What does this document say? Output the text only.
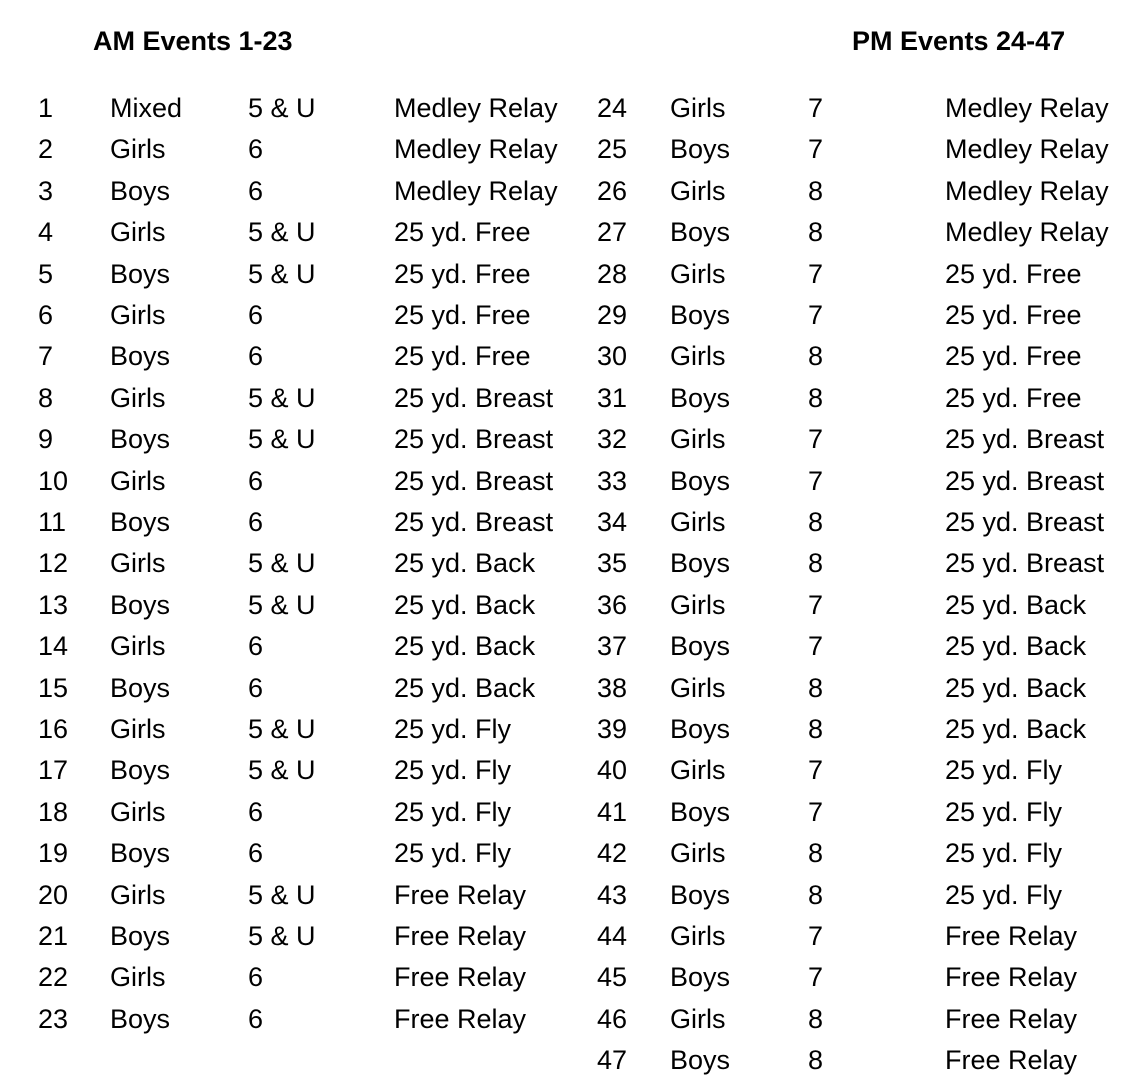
AM Events 1-23	PM Events 24-47
1 Mixed 5 & U	Medley Relay
2 Girls	6	Medley Relay
3 Boys	6	Medley Relay
4 Girls	5 & U	25 yd. Free
5 Boys	5 & U	25 yd. Free
6 Girls	6	25 yd. Free
7 Boys	6	25 yd. Free
8 Girls	5 & U	25 yd. Breast
9 Boys	5 & U	25 yd. Breast
10 Girls	6	25 yd. Breast
11 Boys	6	25 yd. Breast
12 Girls	5 & U	25 yd. Back
13 Boys	5 & U	25 yd. Back
14 Girls	6	25 yd. Back
15 Boys	6	25 yd. Back
16 Girls	5 & U	25 yd. Fly
17 Boys	5 & U	25 yd. Fly
18 Girls	6	25 yd. Fly
19 Boys	6	25 yd. Fly
20 Girls	5 & U	Free Relay
21 Boys	5 & U	Free Relay
22 Girls	6	Free Relay
23 Boys	6	Free Relay
24 Girls	7	Medley Relay
25 Boys	7	Medley Relay
26 Girls	8	Medley Relay
27 Boys	8	Medley Relay
28 Girls	7	25 yd. Free
29 Boys	7	25 yd. Free
30 Girls	8	25 yd. Free
31 Boys	8	25 yd. Free
32 Girls	7	25 yd. Breast
33 Boys	7	25 yd. Breast
34 Girls	8	25 yd. Breast
35 Boys	8	25 yd. Breast
36 Girls	7	25 yd. Back
37 Boys	7	25 yd. Back
38 Girls	8	25 yd. Back
39 Boys	8	25 yd. Back
40 Girls	7	25 yd. Fly
41 Boys	7	25 yd. Fly
42 Girls	8	25 yd. Fly
43 Boys	8	25 yd. Fly
44 Girls	7	Free Relay
45 Boys	7	Free Relay
46 Girls	8	Free Relay
47 Boys	8	Free Relay
